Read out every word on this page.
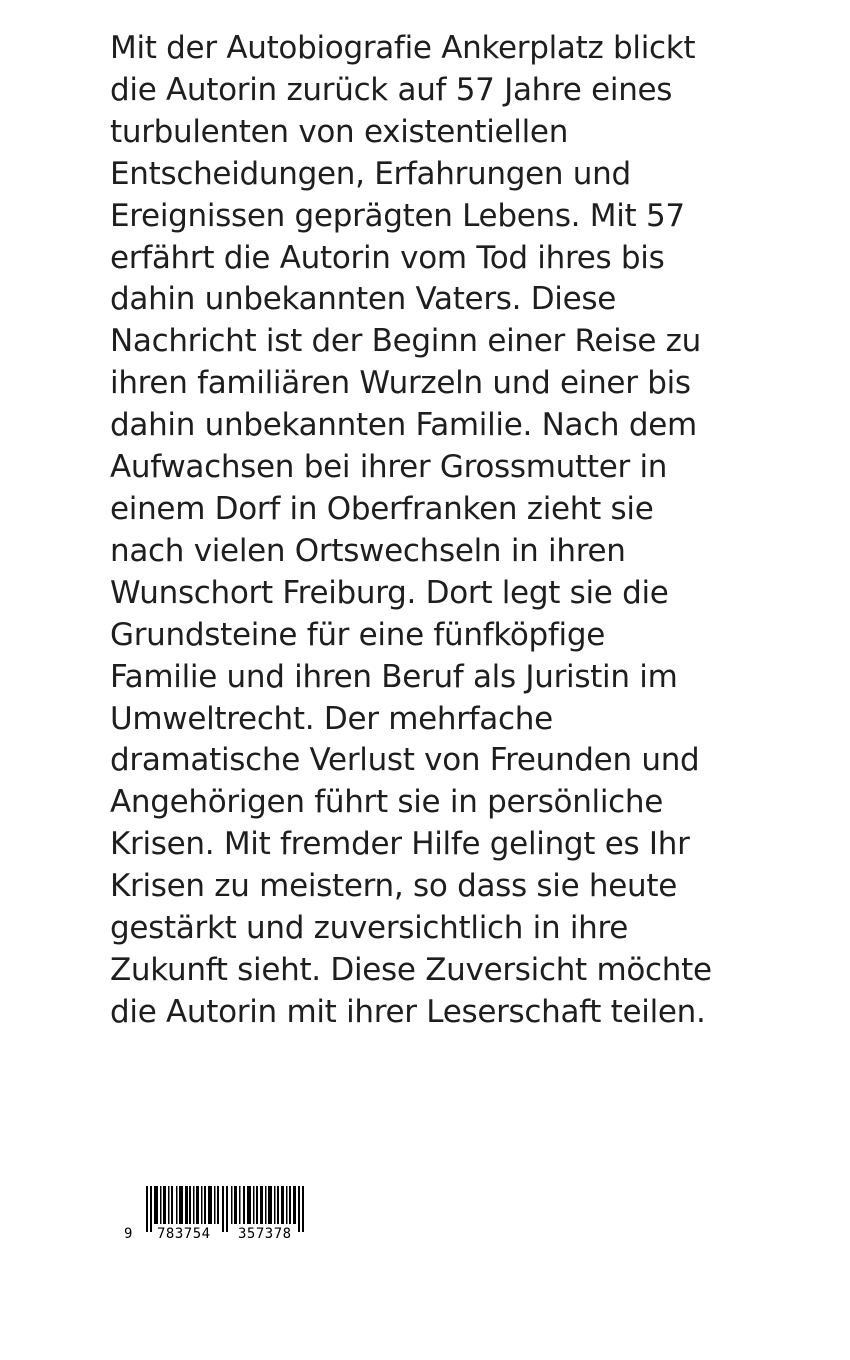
Mit der Autobiografie Ankerplatz blickt
die Autorin zurück auf 57 Jahre eines
turbulenten von existentiellen
Entscheidungen, Erfahrungen und
Ereignissen geprägten Lebens. Mit 57
erfährt die Autorin vom Tod ihres bis
dahin unbekannten Vaters. Diese
Nachricht ist der Beginn einer Reise zu
ihren familiären Wurzeln und einer bis
dahin unbekannten Familie. Nach dem
Aufwachsen bei ihrer Grossmutter in
einem Dorf in Oberfranken zieht sie
nach vielen Ortswechseln in ihren
Wunschort Freiburg. Dort legt sie die
Grundsteine für eine fünfköpfige
Familie und ihren Beruf als Juristin im
Umweltrecht. Der mehrfache
dramatische Verlust von Freunden und
Angehörigen führt sie in persönliche
Krisen. Mit fremder Hilfe gelingt es Ihr
Krisen zu meistern, so dass sie heute
gestärkt und zuversichtlich in ihre
Zukunft sieht. Diese Zuversicht möchte
die Autorin mit ihrer Leserschaft teilen.
9 783754 357378
